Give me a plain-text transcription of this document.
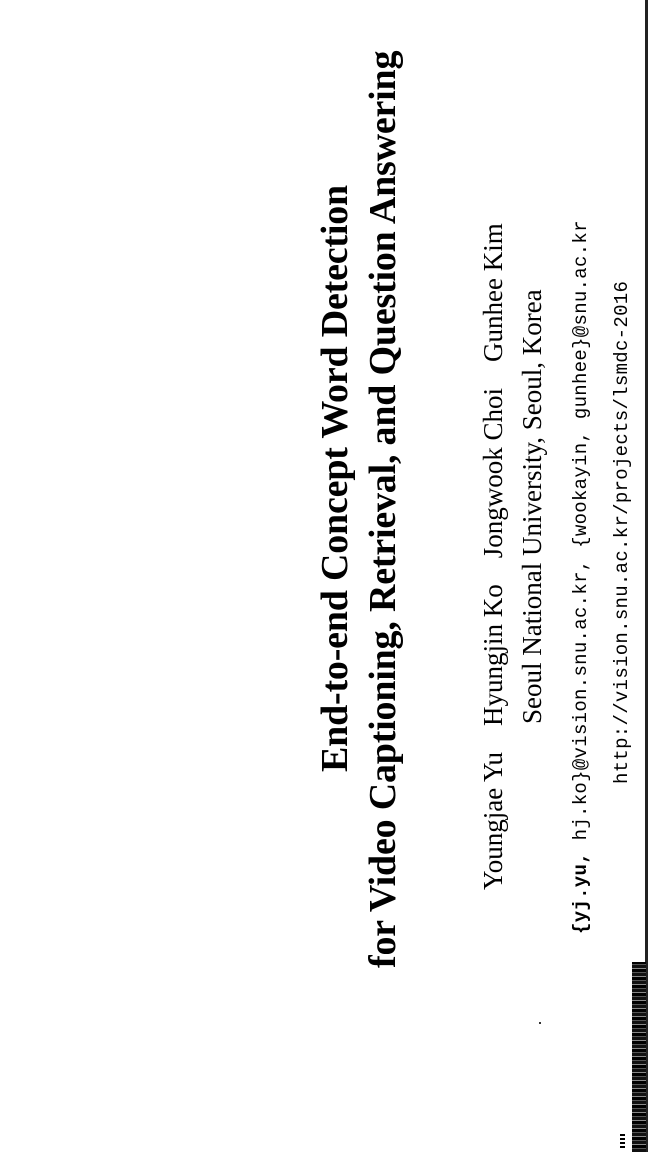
End-to-end Concept Word Detection for Video Captioning, Retrieval, and Question Answering	Youngjae YuHyungjin KoJongwook ChoiGunhee Kim Seoul National University, Seoul, Korea
{yj.yu, hj.ko}@vision.snu.ac.kr, {wookayin, gunhee}@snu.ac.kr http://vision.snu.ac.kr/projects/lsmdc-2016
